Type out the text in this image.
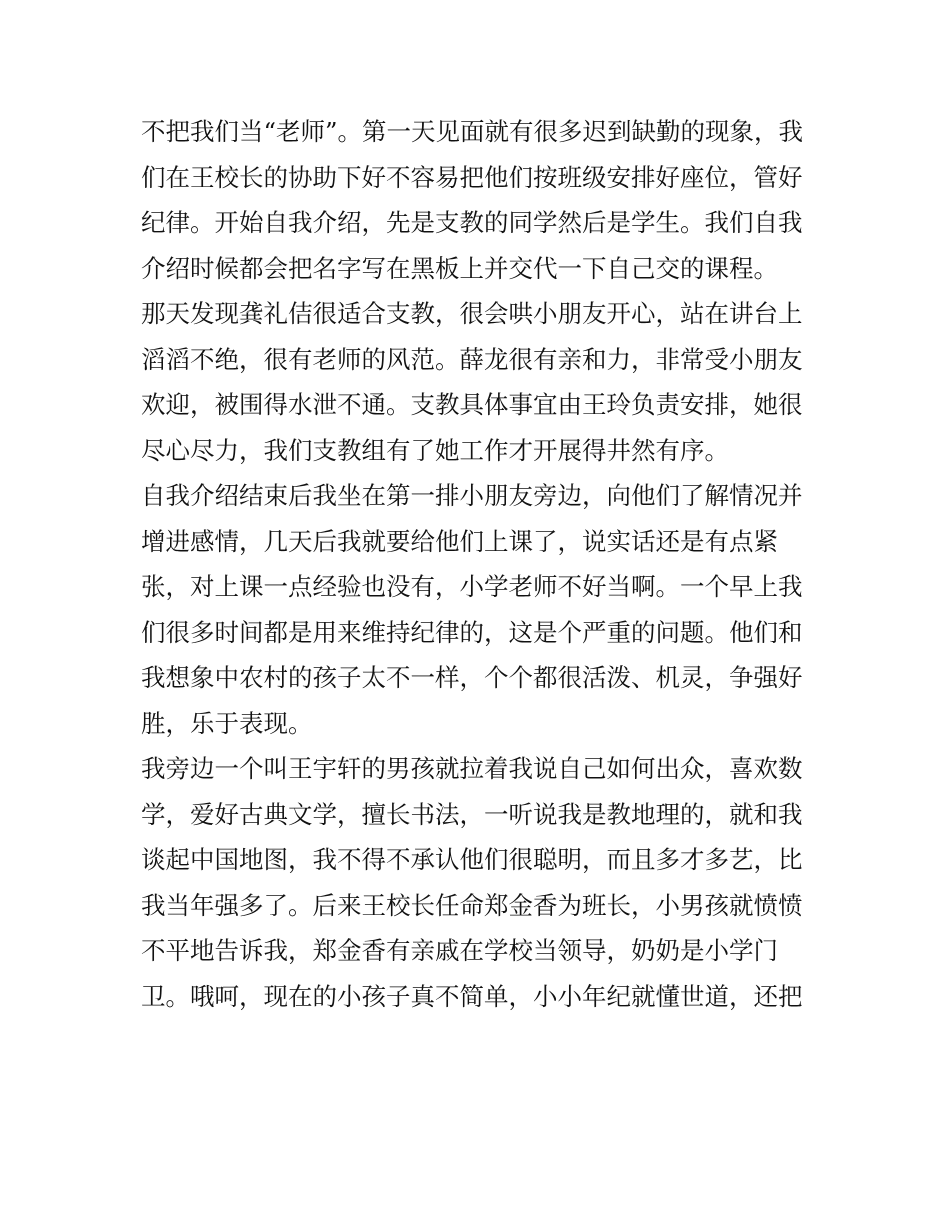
不把我们当“老师”。第一天见面就有很多迟到缺勤的现象，我
们在王校长的协助下好不容易把他们按班级安排好座位，管好
纪律。开始自我介绍，先是支教的同学然后是学生。我们自我
介绍时候都会把名字写在黑板上并交代一下自己交的课程。
那天发现龚礼佶很适合支教，很会哄小朋友开心，站在讲台上
滔滔不绝，很有老师的风范。薛龙很有亲和力，非常受小朋友
欢迎，被围得水泄不通。支教具体事宜由王玲负责安排，她很
尽心尽力，我们支教组有了她工作才开展得井然有序。
自我介绍结束后我坐在第一排小朋友旁边，向他们了解情况并
增进感情，几天后我就要给他们上课了，说实话还是有点紧
张，对上课一点经验也没有，小学老师不好当啊。一个早上我
们很多时间都是用来维持纪律的，这是个严重的问题。他们和
我想象中农村的孩子太不一样，个个都很活泼、机灵，争强好
胜，乐于表现。
我旁边一个叫王宇轩的男孩就拉着我说自己如何出众，喜欢数
学，爱好古典文学，擅长书法，一听说我是教地理的，就和我
谈起中国地图，我不得不承认他们很聪明，而且多才多艺，比
我当年强多了。后来王校长任命郑金香为班长，小男孩就愤愤
不平地告诉我，郑金香有亲戚在学校当领导，奶奶是小学门
卫。哦呵，现在的小孩子真不简单，小小年纪就懂世道，还把
